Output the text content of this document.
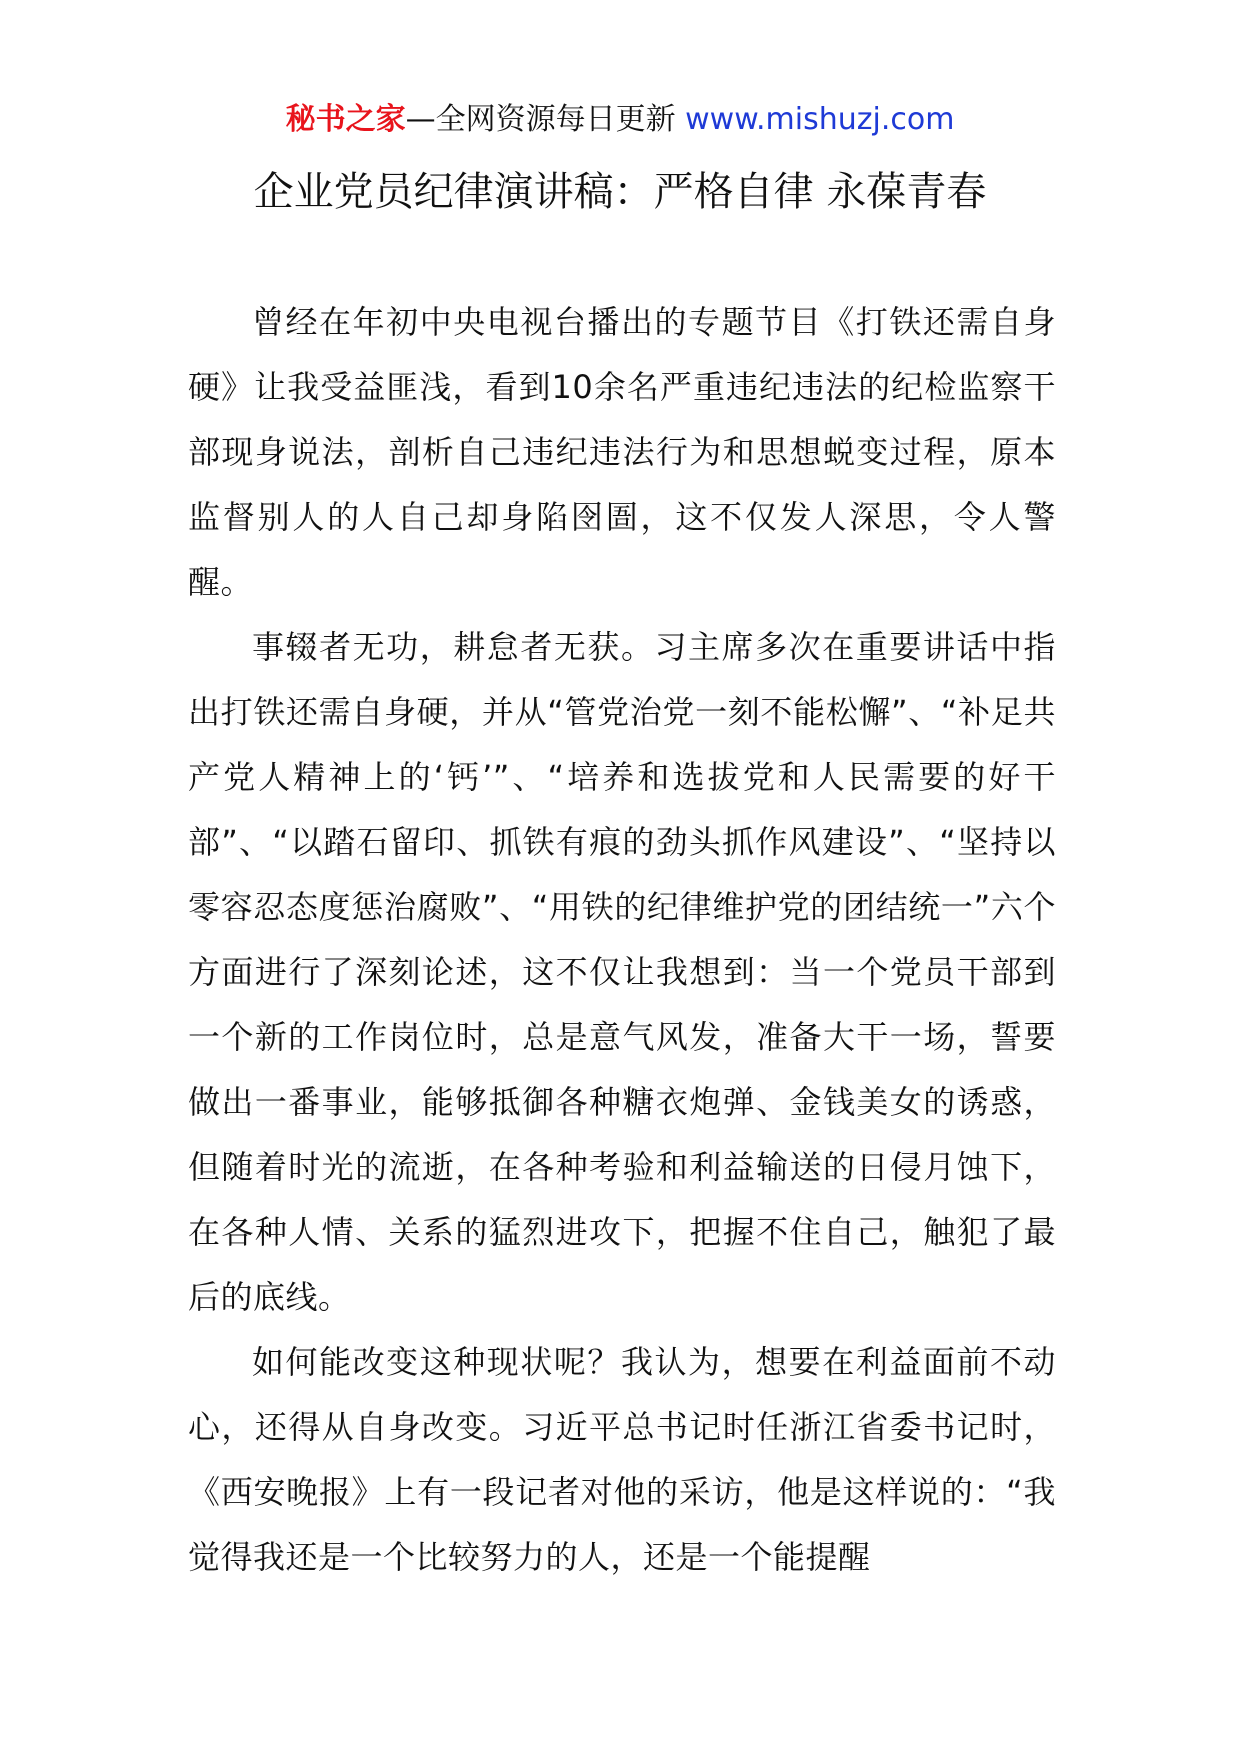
秘书之家—全网资源每日更新 www.mishuzj.com
企业党员纪律演讲稿：严格自律 永葆青春

曾经在年初中央电视台播出的专题节目《打铁还需自身硬》让我受益匪浅，看到10余名严重违纪违法的纪检监察干部现身说法，剖析自己违纪违法行为和思想蜕变过程，原本监督别人的人自己却身陷囹圄，这不仅发人深思，令人警醒。

事辍者无功，耕怠者无获。习主席多次在重要讲话中指出打铁还需自身硬，并从“管党治党一刻不能松懈”、“补足共产党人精神上的‘钙’”、“培养和选拔党和人民需要的好干部”、“以踏石留印、抓铁有痕的劲头抓作风建设”、“坚持以零容忍态度惩治腐败”、“用铁的纪律维护党的团结统一”六个方面进行了深刻论述，这不仅让我想到：当一个党员干部到一个新的工作岗位时，总是意气风发，准备大干一场，誓要做出一番事业，能够抵御各种糖衣炮弹、金钱美女的诱惑，但随着时光的流逝，在各种考验和利益输送的日侵月蚀下，在各种人情、关系的猛烈进攻下，把握不住自己，触犯了最后的底线。

如何能改变这种现状呢？我认为，想要在利益面前不动心，还得从自身改变。习近平总书记时任浙江省委书记时，《西安晚报》上有一段记者对他的采访，他是这样说的：“我觉得我还是一个比较努力的人，还是一个能提醒
